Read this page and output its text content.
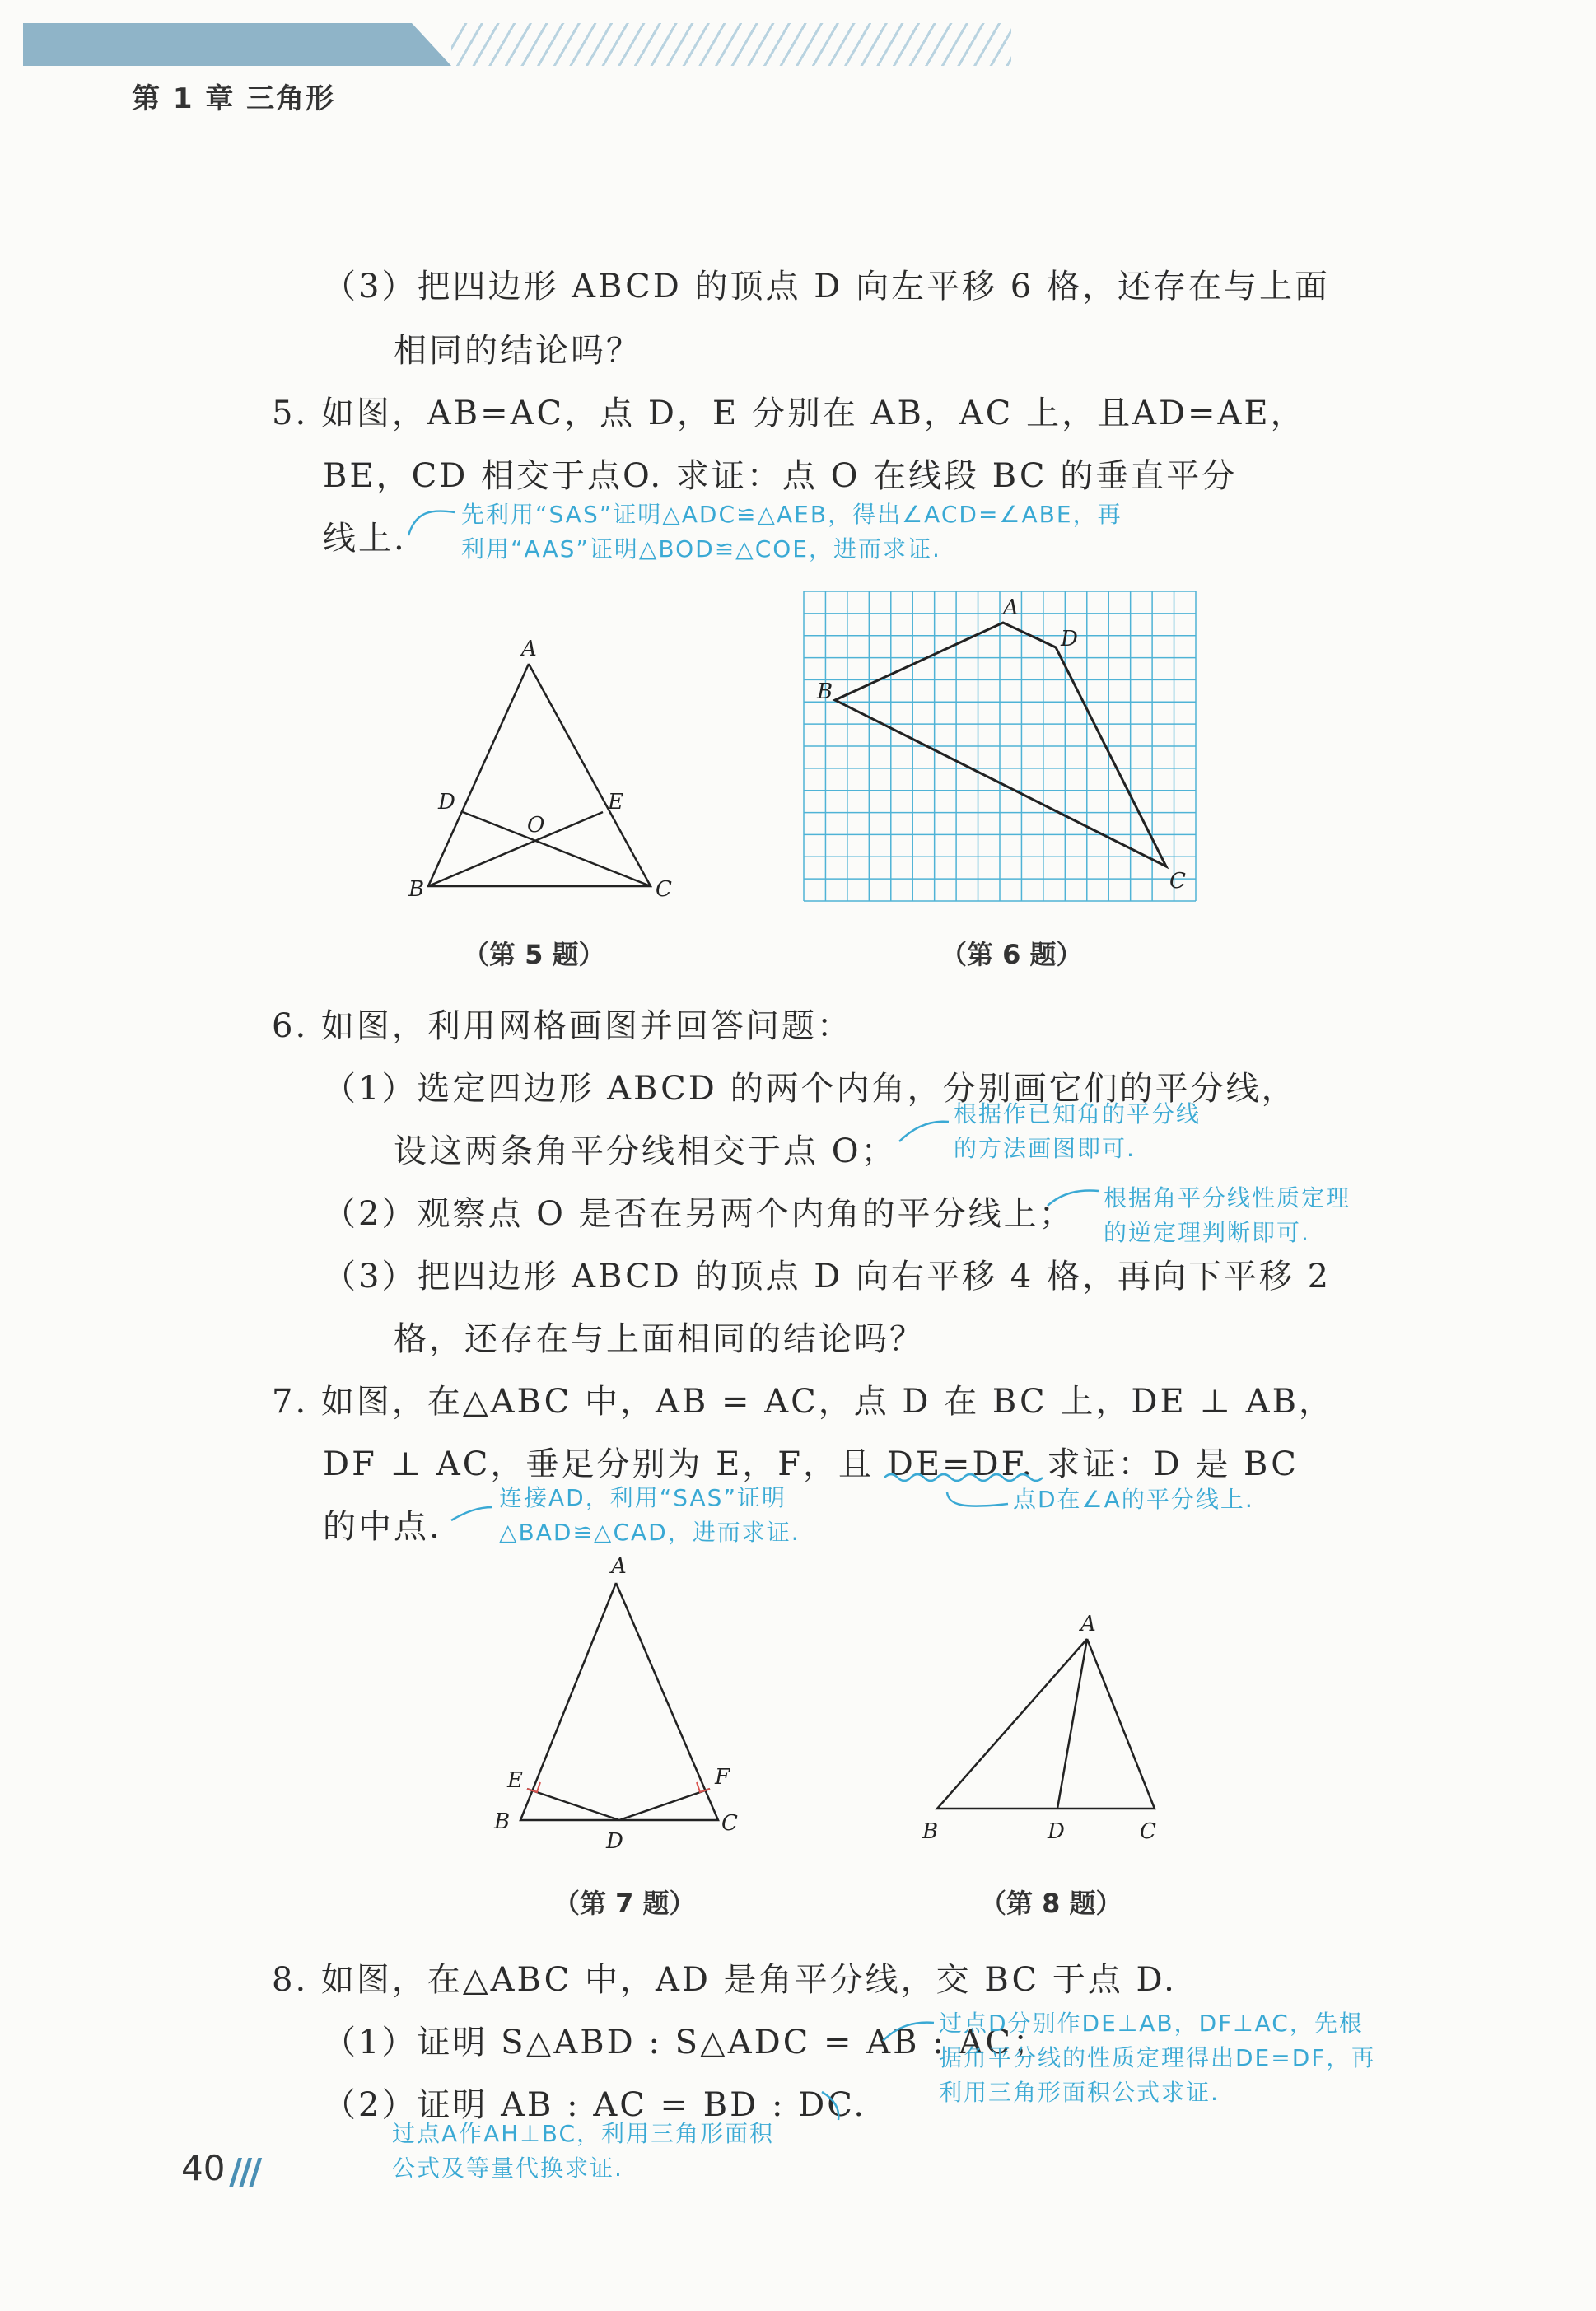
第 1 章 三角形
（3）把四边形 ABCD 的顶点 D 向左平移 6 格，还存在与上面
相同的结论吗？
5. 如图，AB=AC，点 D，E 分别在 AB，AC 上，且AD=AE，
BE，CD 相交于点O. 求证：点 O 在线段 BC 的垂直平分
线上.
6. 如图，利用网格画图并回答问题：
（1）选定四边形 ABCD 的两个内角，分别画它们的平分线，
设这两条角平分线相交于点 O；
（2）观察点 O 是否在另两个内角的平分线上；
（3）把四边形 ABCD 的顶点 D 向右平移 4 格，再向下平移 2
格，还存在与上面相同的结论吗？
7. 如图，在△ABC 中，AB = AC，点 D 在 BC 上，DE ⊥ AB，
DF ⊥ AC，垂足分别为 E，F，且 DE=DF. 求证：D 是 BC
的中点.
8. 如图，在△ABC 中，AD 是角平分线，交 BC 于点 D.
（1）证明 S△ABD : S△ADC = AB : AC；
（2）证明 AB : AC = BD : DC.
先利用“SAS”证明△ADC≌△AEB，得出∠ACD=∠ABE，再
利用“AAS”证明△BOD≌△COE，进而求证.
根据作已知角的平分线
的方法画图即可.
根据角平分线性质定理
的逆定理判断即可.
连接AD，利用“SAS”证明
△BAD≌△CAD，进而求证.
点D在∠A的平分线上.
过点D分别作DE⊥AB，DF⊥AC，先根
据角平分线的性质定理得出DE=DF，再
利用三角形面积公式求证.
过点A作AH⊥BC，利用三角形面积
公式及等量代换求证.
A
B	C
D	E
O
（第 5 题）
A
D
B
C
（第 6 题）
A
B	C
D
E	F
（第 7 题）
A
B	D	C
（第 8 题）
40 ///
